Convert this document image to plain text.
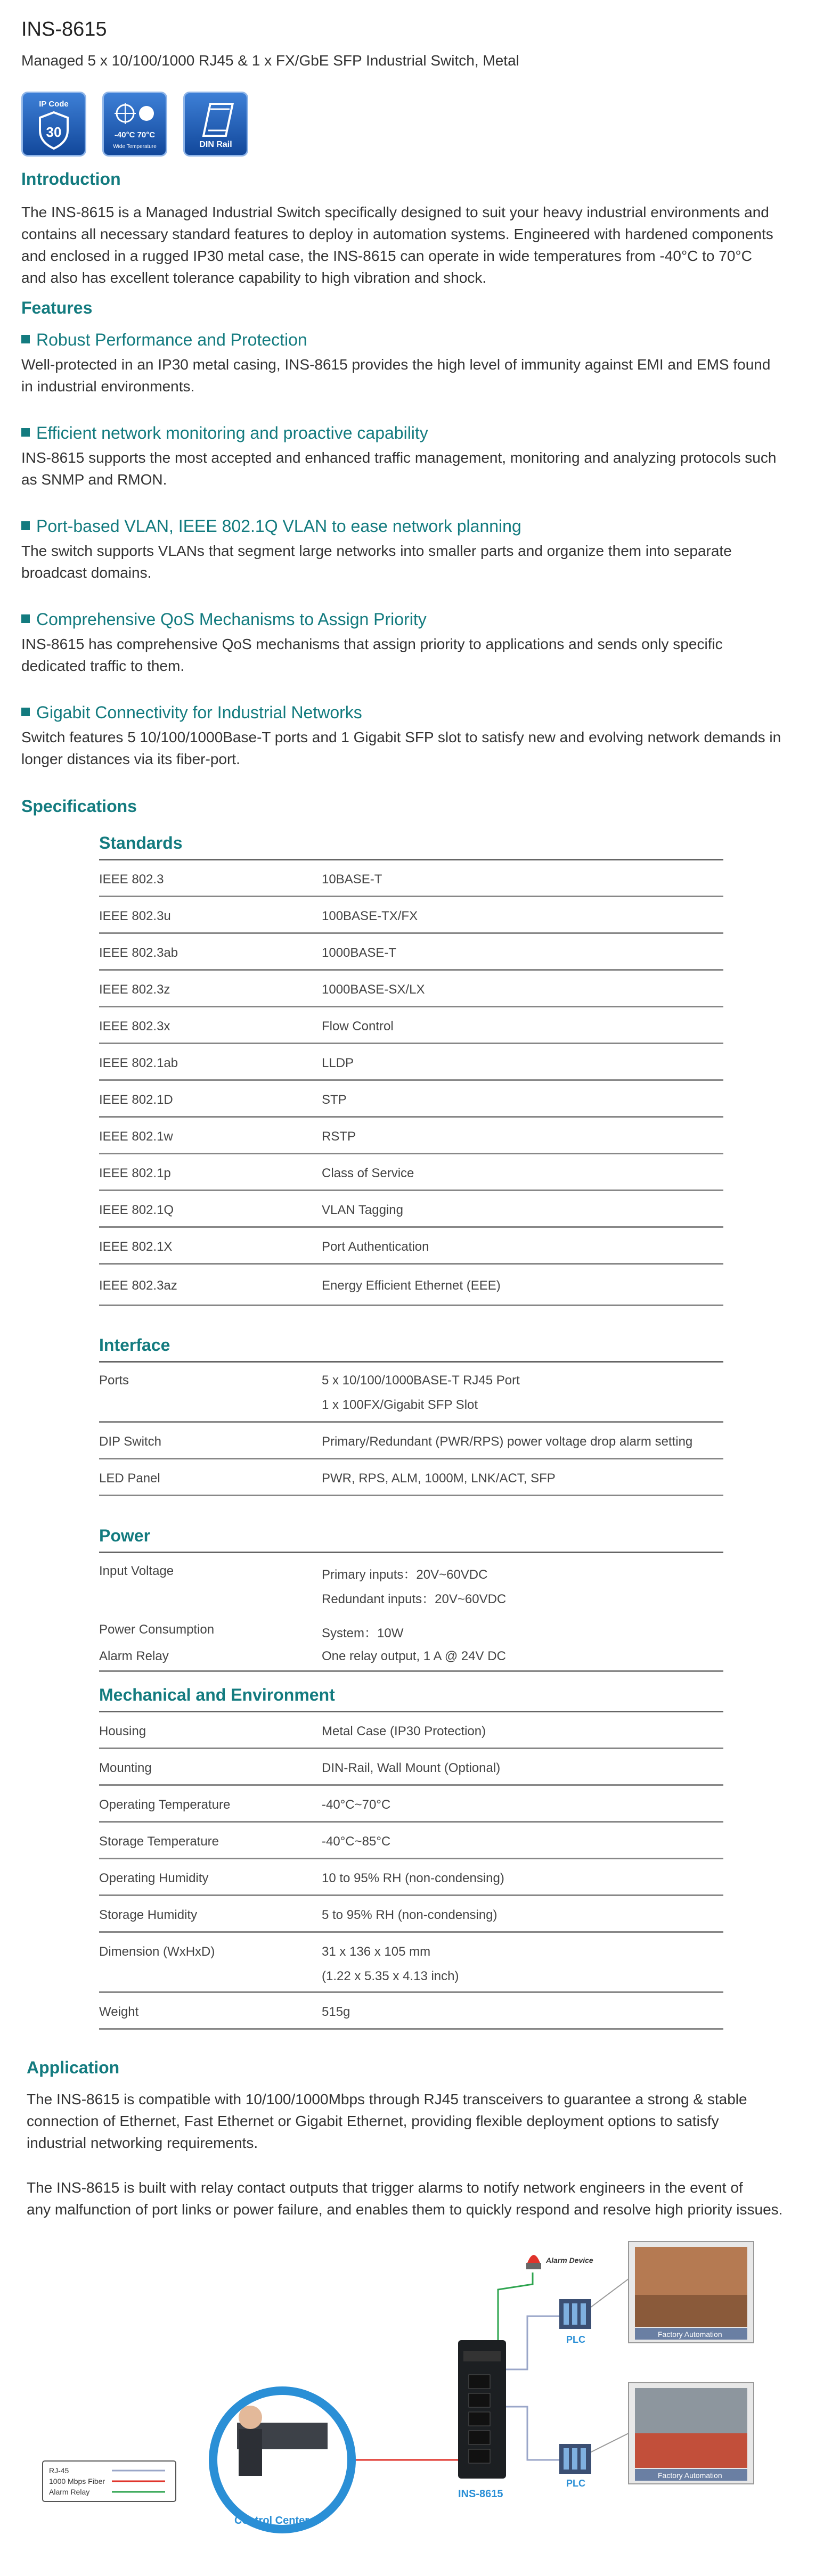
INS-8615
Managed 5 x 10/100/1000 RJ45 & 1 x FX/GbE SFP Industrial Switch, Metal
IP Code
30	-40°C 70°C
Wide Temperature	DIN Rail
Introduction
The INS-8615 is a Managed Industrial Switch specifically designed to suit your heavy industrial environments and
contains all necessary standard features to deploy in automation systems. Engineered with hardened components
and enclosed in a rugged IP30 metal case, the INS-8615 can operate in wide temperatures from -40°C to 70°C
and also has excellent tolerance capability to high vibration and shock.
Features
Robust Performance and Protection
Well-protected in an IP30 metal casing, INS-8615 provides the high level of immunity against EMI and EMS found
in industrial environments.
Efficient network monitoring and proactive capability
INS-8615 supports the most accepted and enhanced traffic management, monitoring and analyzing protocols such
as SNMP and RMON.
Port-based VLAN, IEEE 802.1Q VLAN to ease network planning
The switch supports VLANs that segment large networks into smaller parts and organize them into separate
broadcast domains.
Comprehensive QoS Mechanisms to Assign Priority
INS-8615 has comprehensive QoS mechanisms that assign priority to applications and sends only specific
dedicated traffic to them.
Gigabit Connectivity for Industrial Networks
Switch features 5 10/100/1000Base-T ports and 1 Gigabit SFP slot to satisfy new and evolving network demands in
longer distances via its fiber-port.
Specifications
Standards
IEEE 802.3	10BASE-T
IEEE 802.3u	100BASE-TX/FX
IEEE 802.3ab	1000BASE-T
IEEE 802.3z	1000BASE-SX/LX
IEEE 802.3x	Flow Control
IEEE 802.1ab	LLDP
IEEE 802.1D	STP
IEEE 802.1w	RSTP
IEEE 802.1p	Class of Service
IEEE 802.1Q	VLAN Tagging
IEEE 802.1X	Port Authentication
IEEE 802.3az	Energy Efficient Ethernet (EEE)
Interface
Ports	5 x 10/100/1000BASE-T RJ45 Port
1 x 100FX/Gigabit SFP Slot
DIP Switch	Primary/Redundant (PWR/RPS) power voltage drop alarm setting
LED Panel	PWR, RPS, ALM, 1000M, LNK/ACT, SFP
Power
Input Voltage	Primary inputs：20V~60VDC
Redundant inputs：20V~60VDC
Power Consumption	System：10W
Alarm Relay	One relay output, 1 A @ 24V DC
Mechanical and Environment
Housing	Metal Case (IP30 Protection)
Mounting	DIN-Rail, Wall Mount (Optional)
Operating Temperature	-40°C~70°C
Storage Temperature	-40°C~85°C
Operating Humidity	10 to 95% RH (non-condensing)
Storage Humidity	5 to 95% RH (non-condensing)
Dimension (WxHxD)	31 x 136 x 105 mm
(1.22 x 5.35 x 4.13 inch)
Weight	515g
Application
The INS-8615 is compatible with 10/100/1000Mbps through RJ45 transceivers to guarantee a strong & stable
connection of Ethernet, Fast Ethernet or Gigabit Ethernet, providing flexible deployment options to satisfy
industrial networking requirements.
The INS-8615 is built with relay contact outputs that trigger alarms to notify network engineers in the event of
any malfunction of port links or power failure, and enables them to quickly respond and resolve high priority issues.
Alarm Device
PLC
PLC
Factory Automation
Factory Automation
Control Center
INS-8615
RJ-45
1000 Mbps Fiber
Alarm Relay
